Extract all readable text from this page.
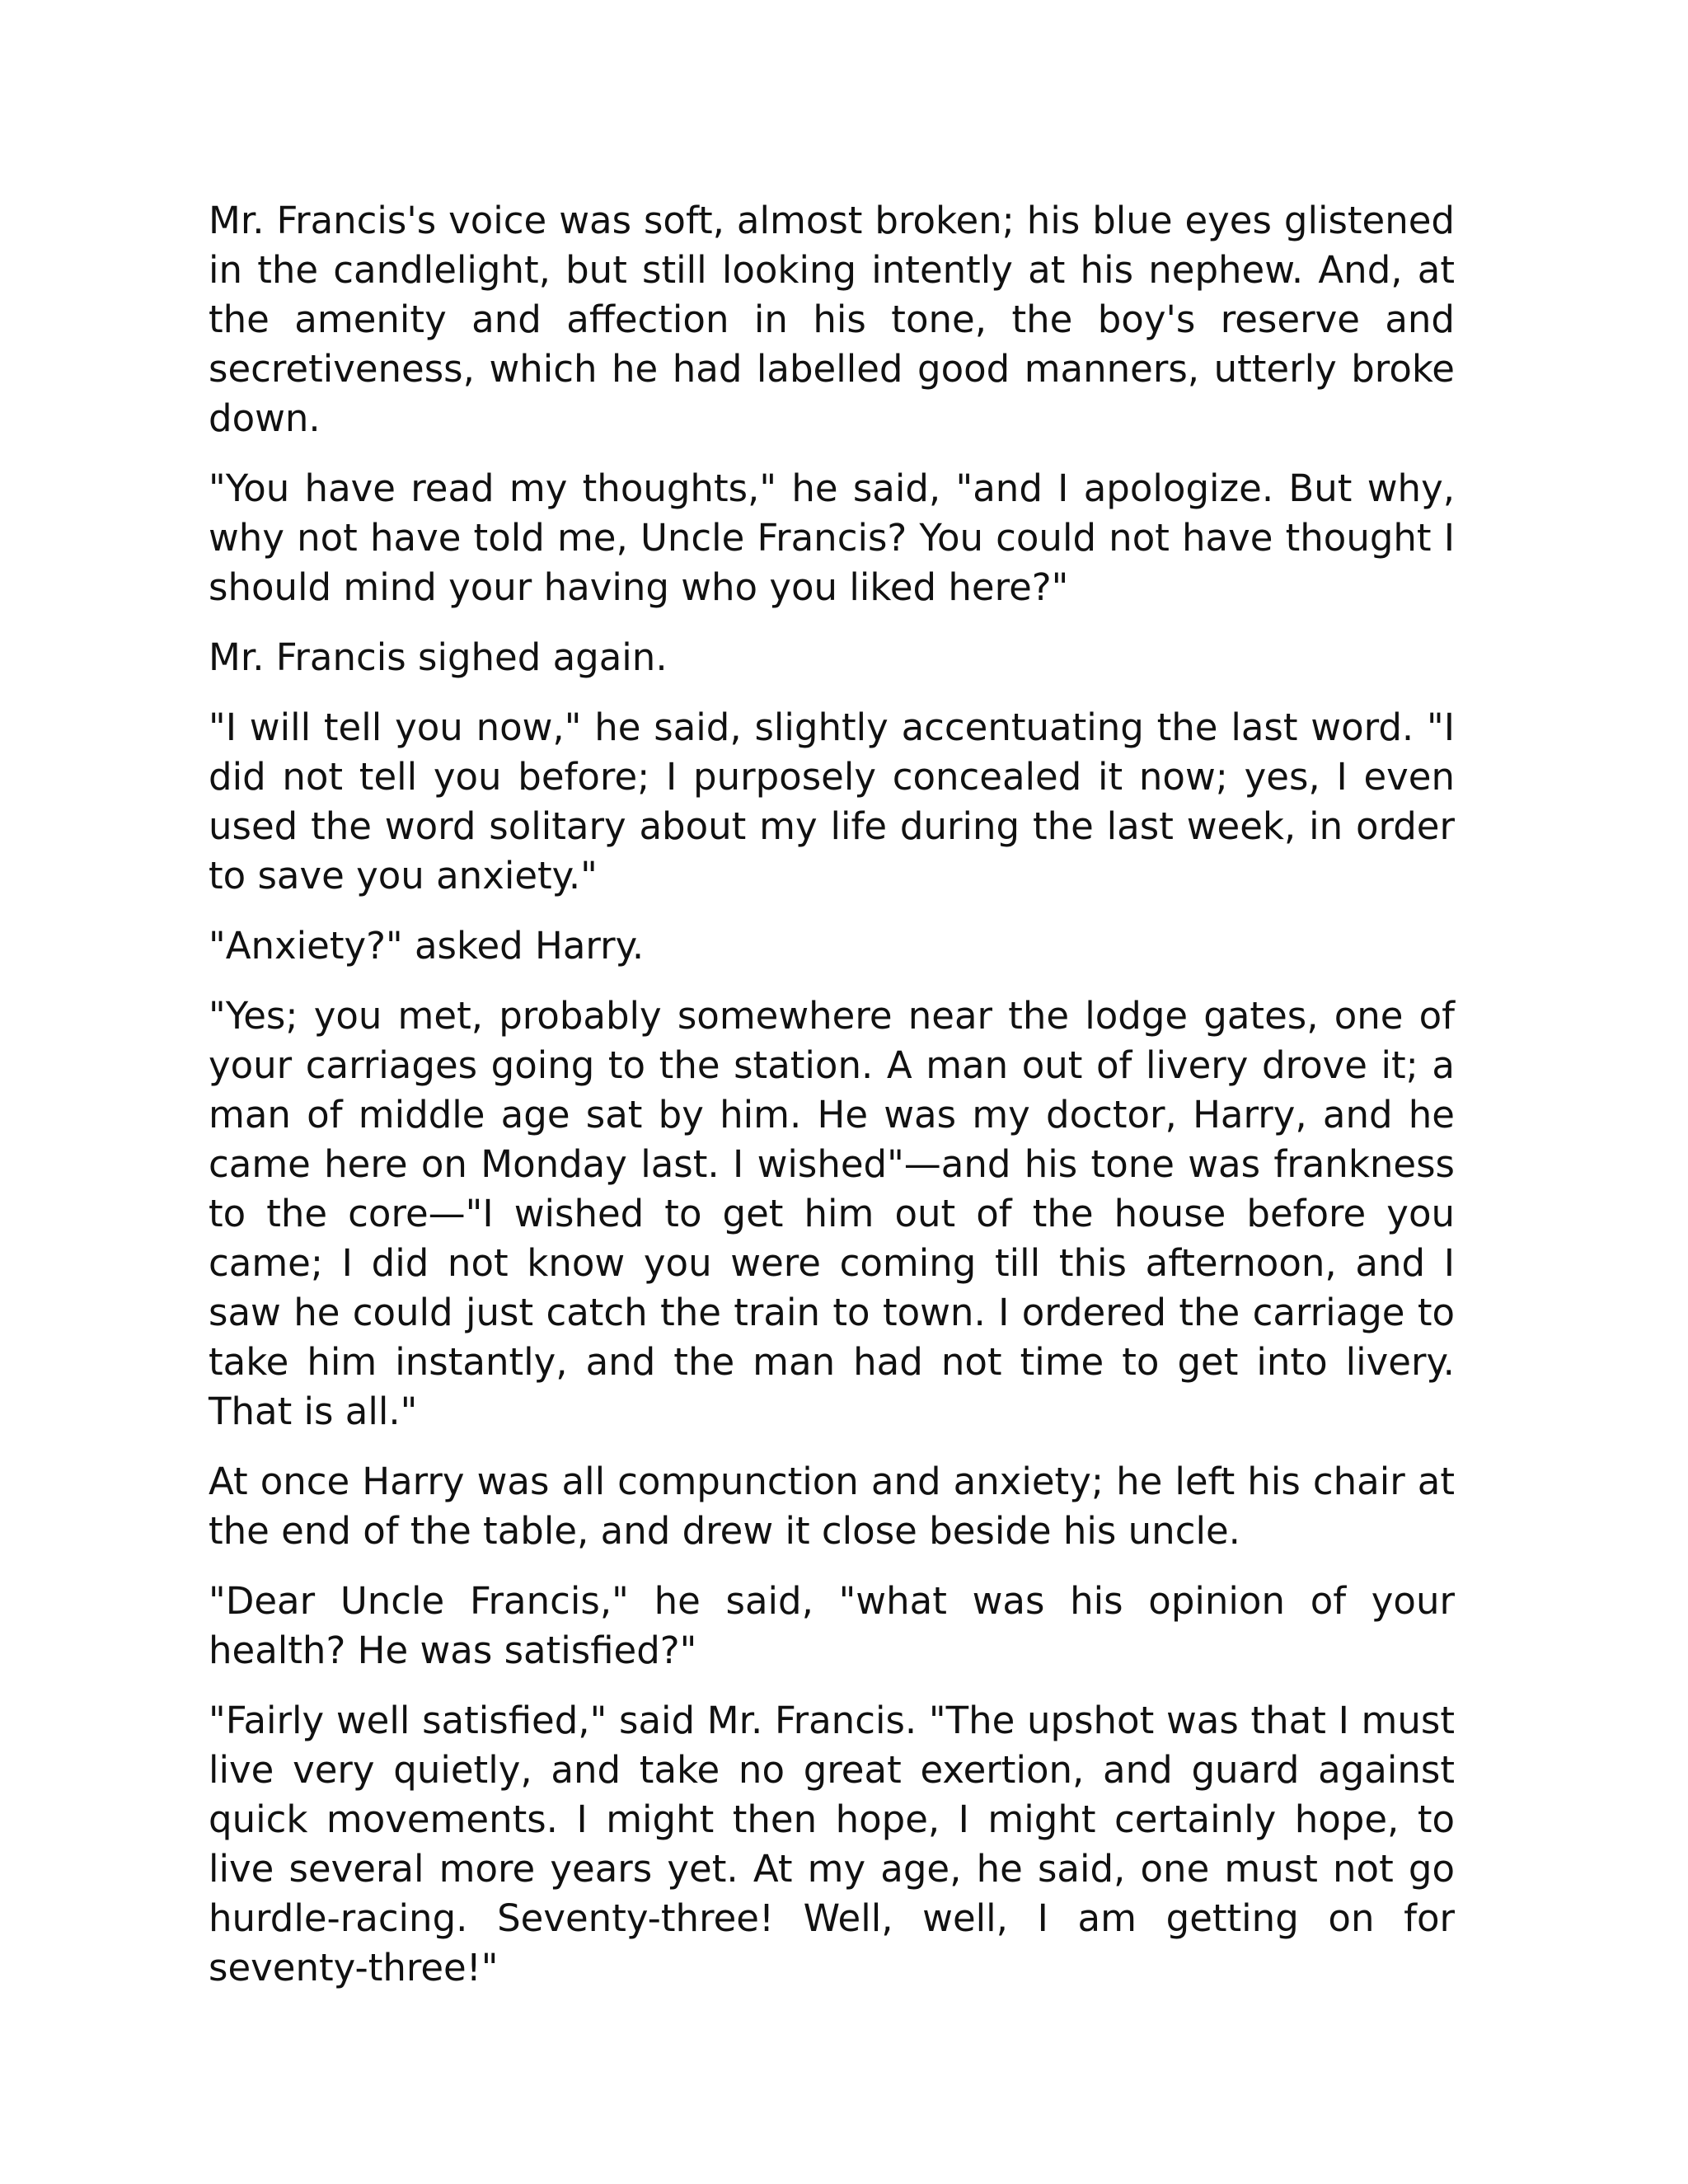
Mr. Francis's voice was soft, almost broken; his blue eyes glistened in the candlelight, but still looking intently at his nephew. And, at the amenity and affection in his tone, the boy's reserve and secretiveness, which he had labelled good manners, utterly broke down.

"You have read my thoughts," he said, "and I apologize. But why, why not have told me, Uncle Francis? You could not have thought I should mind your having who you liked here?"

Mr. Francis sighed again.

"I will tell you now," he said, slightly accentuating the last word. "I did not tell you before; I purposely concealed it now; yes, I even used the word solitary about my life during the last week, in order to save you anxiety."

"Anxiety?" asked Harry.

"Yes; you met, probably somewhere near the lodge gates, one of your carriages going to the station. A man out of livery drove it; a man of middle age sat by him. He was my doctor, Harry, and he came here on Monday last. I wished"—and his tone was frankness to the core—"I wished to get him out of the house before you came; I did not know you were coming till this afternoon, and I saw he could just catch the train to town. I ordered the carriage to take him instantly, and the man had not time to get into livery. That is all."

At once Harry was all compunction and anxiety; he left his chair at the end of the table, and drew it close beside his uncle.

"Dear Uncle Francis," he said, "what was his opinion of your health? He was satisfied?"

"Fairly well satisfied," said Mr. Francis. "The upshot was that I must live very quietly, and take no great exertion, and guard against quick movements. I might then hope, I might certainly hope, to live several more years yet. At my age, he said, one must not go hurdle-racing. Seventy-three! Well, well, I am getting on for seventy-three!"
